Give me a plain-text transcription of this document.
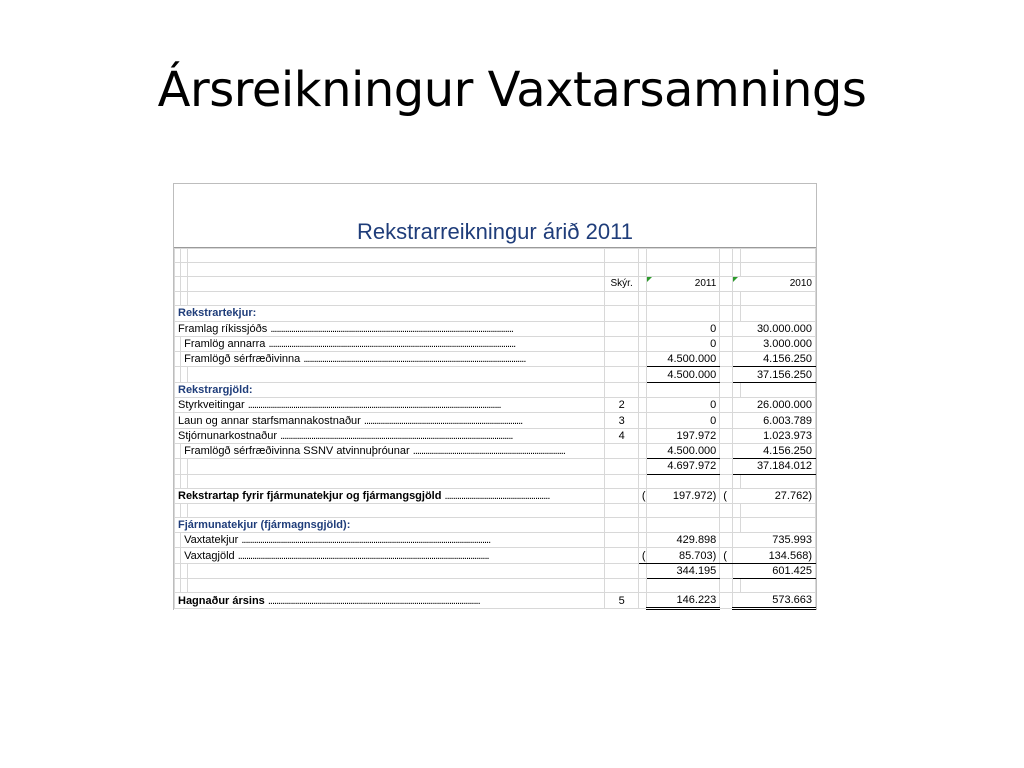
Ársreikningur Vaxtarsamnings
Rekstrarreikningur árið 2011

			Skýr.		2011		2010	

Rekstrartekjur:								
Framlag ríkissjóðs ......................................................................................................................					0		30.000.000	
	Framlög annarra ........................................................................................................................				0		3.000.000	
	Framlögð sérfræðivinna ............................................................................................................				4.500.000		4.156.250	
					4.500.000		37.156.250	
Rekstrargjöld:								
Styrkveitingar ...........................................................................................................................			2		0		26.000.000	
Laun og annar starfsmannakostnaður .............................................................................			3		0		6.003.789	
Stjórnunarkostnaður .................................................................................................................			4		197.972		1.023.973	
	Framlögð sérfræðivinna SSNV atvinnuþróunar ..........................................................................				4.500.000		4.156.250	
					4.697.972		37.184.012	

Rekstrartap fyrir fjármunatekjur og fjármangsgjöld ...................................................				(	197.972)	(	27.762)	

Fjármunatekjur (fjármagnsgjöld):								
	Vaxtatekjur .........................................................................................................................				429.898		735.993	
	Vaxtagjöld ..........................................................................................................................			(	85.703)	(	134.568)	
					344.195		601.425	

Hagnaður ársins .......................................................................................................			5		146.223		573.663	
